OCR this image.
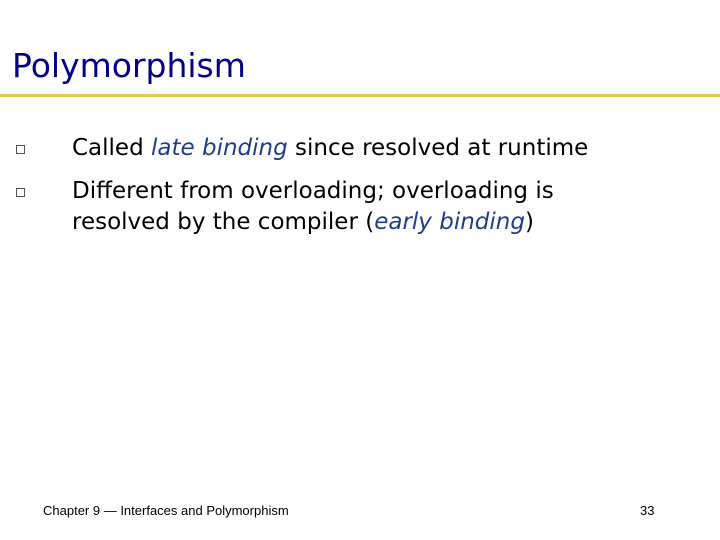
Polymorphism
Called late binding since resolved at runtime
Different from overloading; overloading is
resolved by the compiler (early binding)
Chapter 9 — Interfaces and Polymorphism	33
